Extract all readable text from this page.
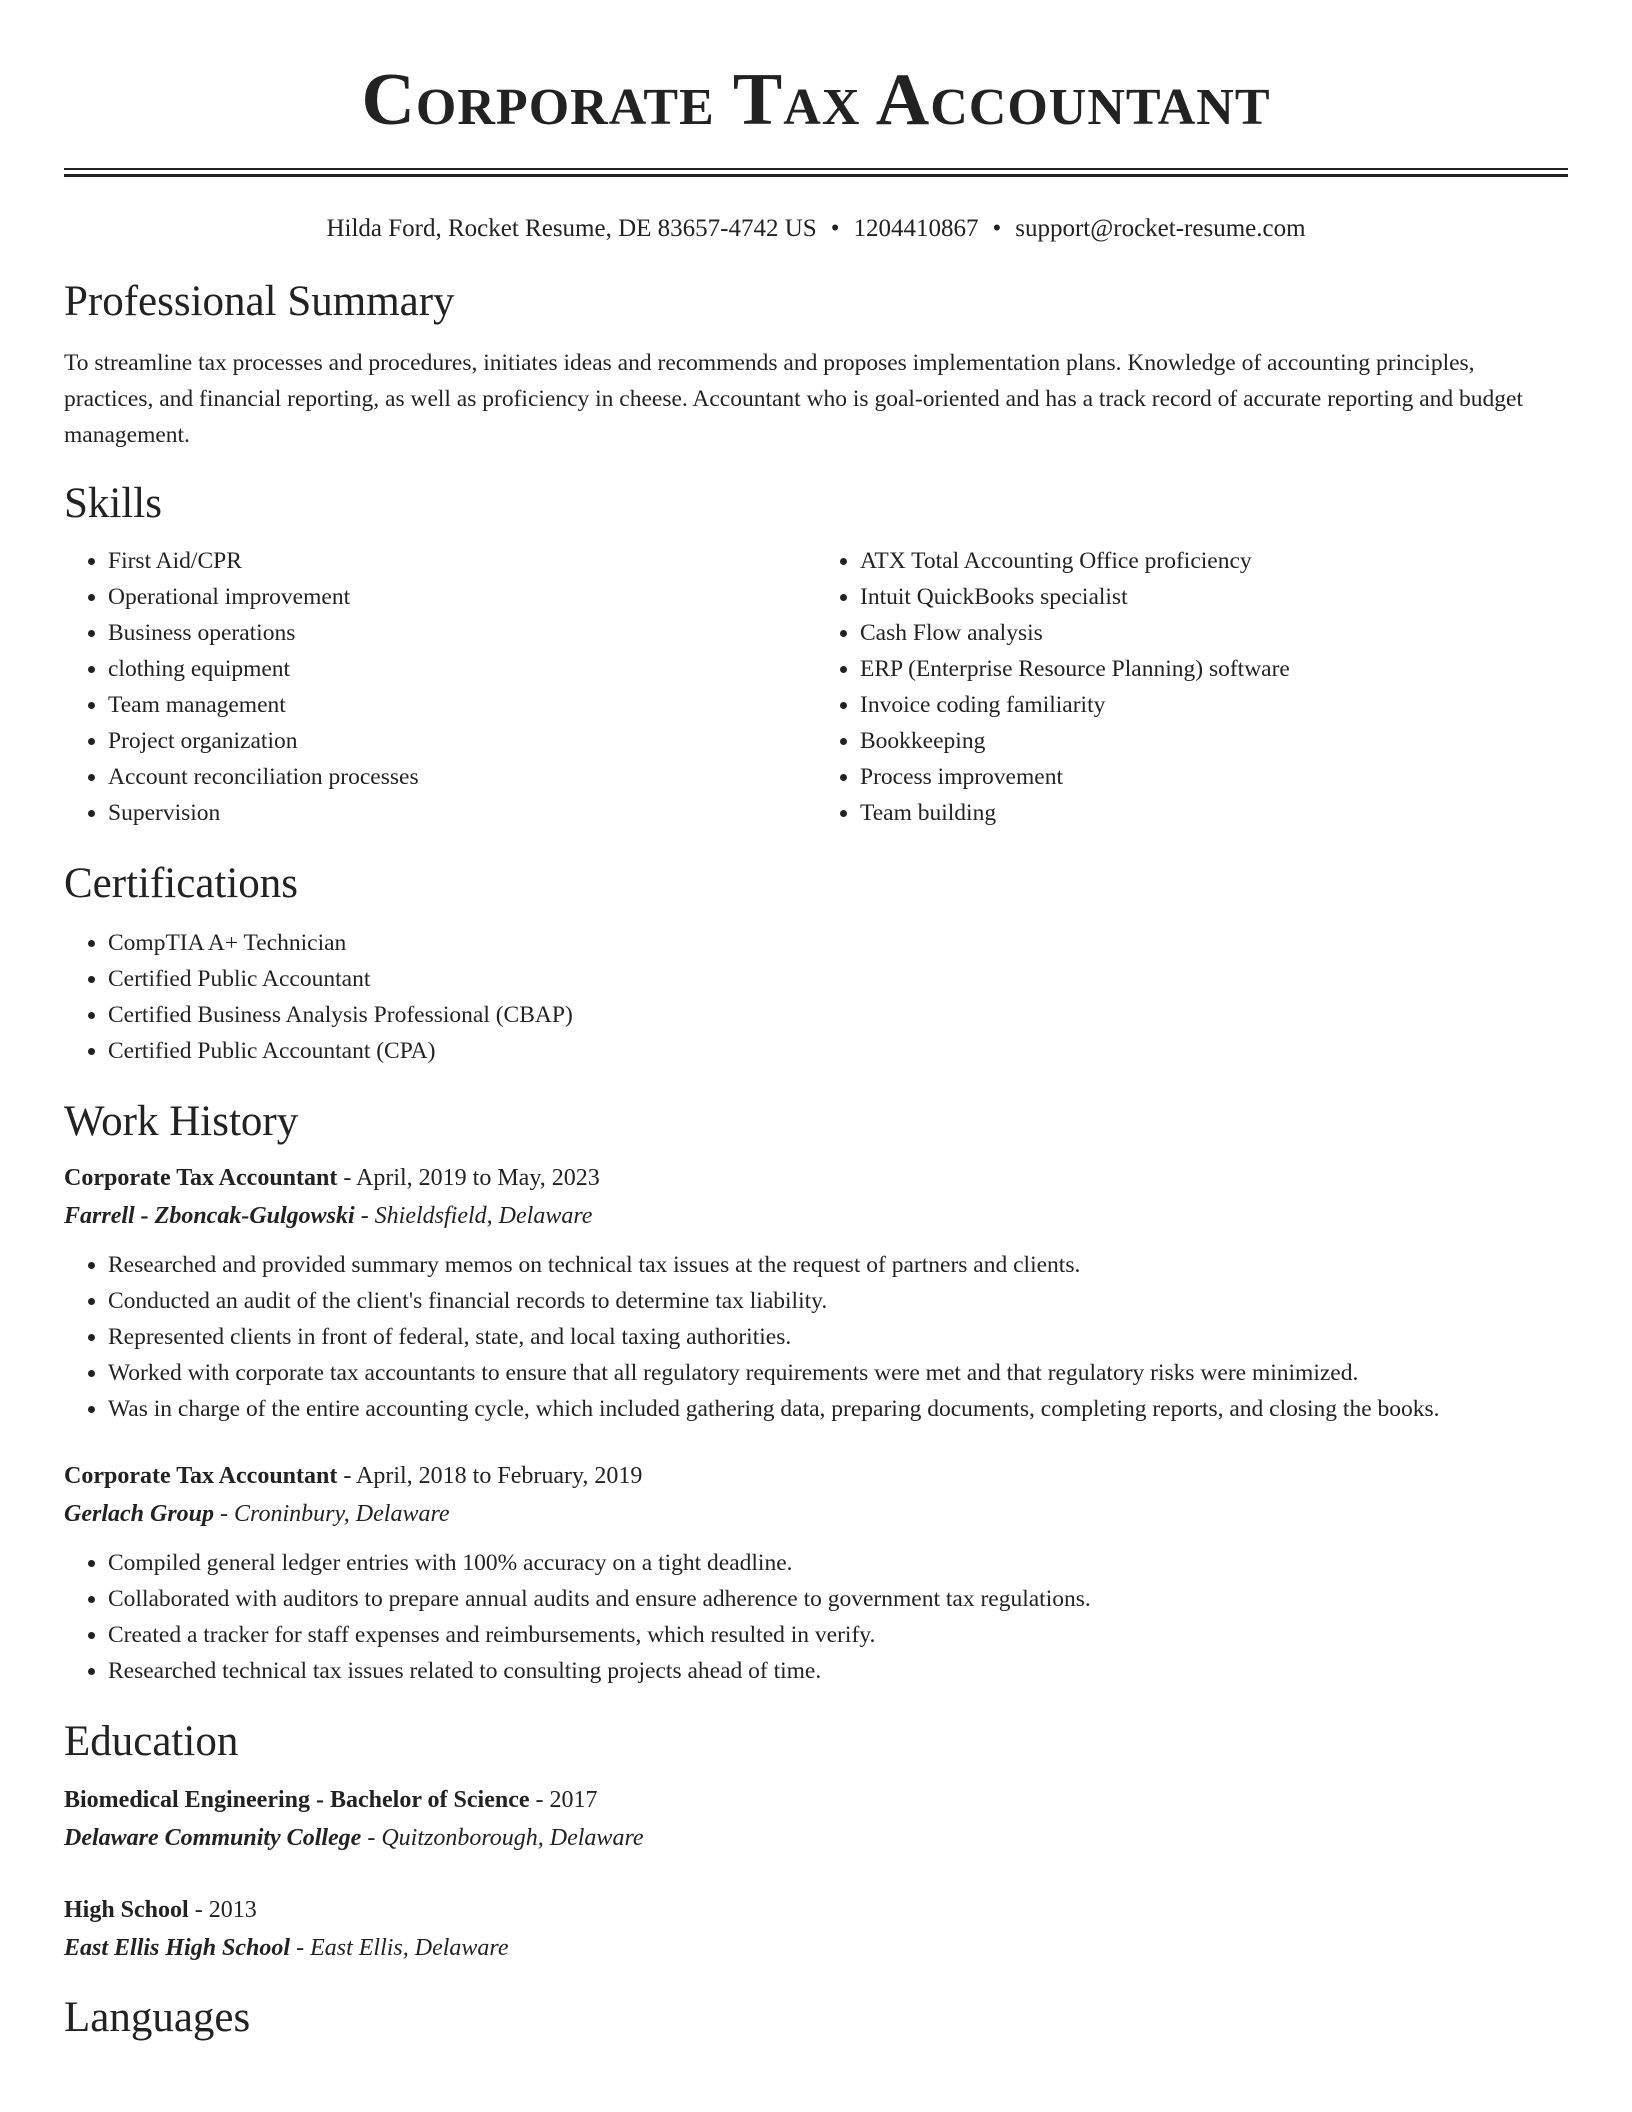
Corporate Tax Accountant
Hilda Ford, Rocket Resume, DE 83657-4742 US • 1204410867 • support@rocket-resume.com
Professional Summary

To streamline tax processes and procedures, initiates ideas and recommends and proposes implementation plans. Knowledge of accounting principles, practices, and financial reporting, as well as proficiency in cheese. Accountant who is goal-oriented and has a track record of accurate reporting and budget management.

Skills
• First Aid/CPR
• Operational improvement
• Business operations
• clothing equipment
• Team management
• Project organization
• Account reconciliation processes
• Supervision
• ATX Total Accounting Office proficiency
• Intuit QuickBooks specialist
• Cash Flow analysis
• ERP (Enterprise Resource Planning) software
• Invoice coding familiarity
• Bookkeeping
• Process improvement
• Team building
Certifications
• CompTIA A+ Technician
• Certified Public Accountant
• Certified Business Analysis Professional (CBAP)
• Certified Public Accountant (CPA)
Work History

Corporate Tax Accountant - April, 2019 to May, 2023

Farrell - Zboncak-Gulgowski - Shieldsfield, Delaware

• Researched and provided summary memos on technical tax issues at the request of partners and clients.
• Conducted an audit of the client's financial records to determine tax liability.
• Represented clients in front of federal, state, and local taxing authorities.
• Worked with corporate tax accountants to ensure that all regulatory requirements were met and that regulatory risks were minimized.
• Was in charge of the entire accounting cycle, which included gathering data, preparing documents, completing reports, and closing the books.

Corporate Tax Accountant - April, 2018 to February, 2019

Gerlach Group - Croninbury, Delaware

• Compiled general ledger entries with 100% accuracy on a tight deadline.
• Collaborated with auditors to prepare annual audits and ensure adherence to government tax regulations.
• Created a tracker for staff expenses and reimbursements, which resulted in verify.
• Researched technical tax issues related to consulting projects ahead of time.
Education

Biomedical Engineering - Bachelor of Science - 2017

Delaware Community College - Quitzonborough, Delaware

High School - 2013

East Ellis High School - East Ellis, Delaware

Languages
